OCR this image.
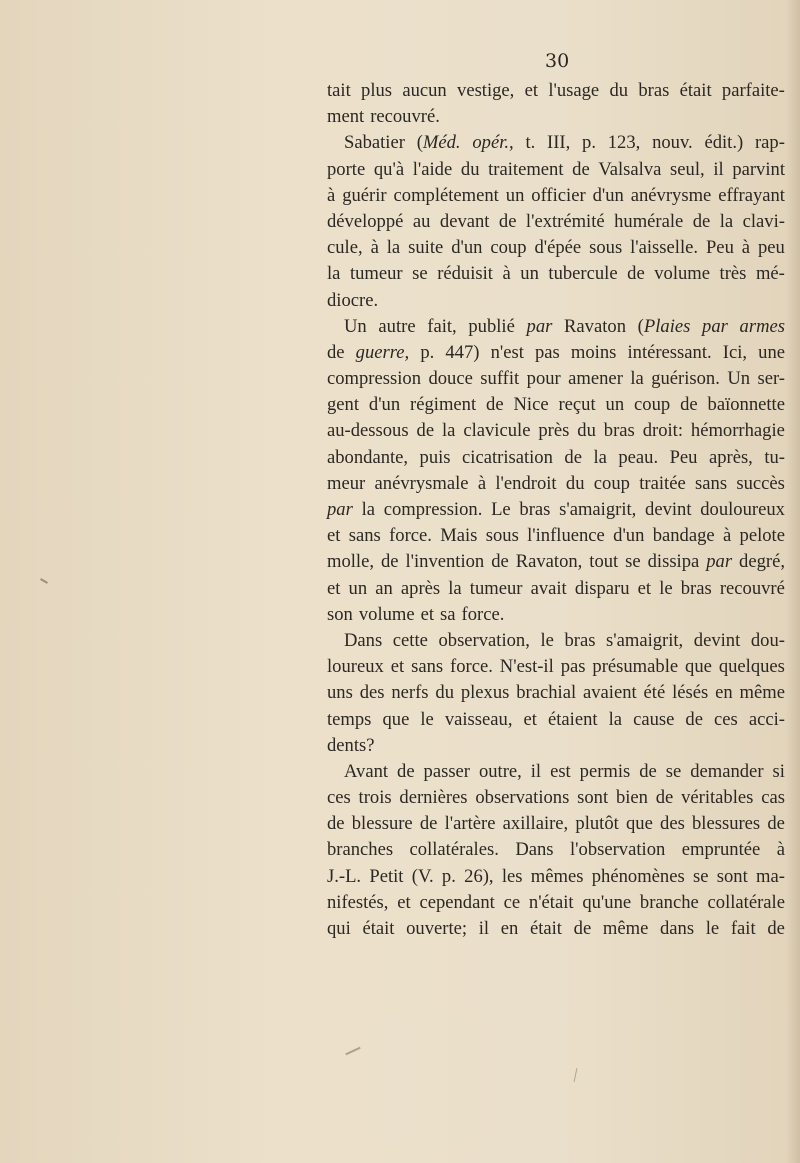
30
tait plus aucun vestige, et l'usage du bras était parfaite-
ment recouvré.
Sabatier (Méd. opér., t. III, p. 123, nouv. édit.) rap-
porte qu'à l'aide du traitement de Valsalva seul, il parvint
à guérir complétement un officier d'un anévrysme effrayant
développé au devant de l'extrémité humérale de la clavi-
cule, à la suite d'un coup d'épée sous l'aisselle. Peu à peu
la tumeur se réduisit à un tubercule de volume très mé-
diocre.
Un autre fait, publié par Ravaton (Plaies par armes
de guerre, p. 447) n'est pas moins intéressant. Ici, une
compression douce suffit pour amener la guérison. Un ser-
gent d'un régiment de Nice reçut un coup de baïonnette
au-dessous de la clavicule près du bras droit: hémorrhagie
abondante, puis cicatrisation de la peau. Peu après, tu-
meur anévrysmale à l'endroit du coup traitée sans succès
par la compression. Le bras s'amaigrit, devint douloureux
et sans force. Mais sous l'influence d'un bandage à pelote
molle, de l'invention de Ravaton, tout se dissipa par degré,
et un an après la tumeur avait disparu et le bras recouvré
son volume et sa force.
Dans cette observation, le bras s'amaigrit, devint dou-
loureux et sans force. N'est-il pas présumable que quelques
uns des nerfs du plexus brachial avaient été lésés en même
temps que le vaisseau, et étaient la cause de ces acci-
dents?
Avant de passer outre, il est permis de se demander si
ces trois dernières observations sont bien de véritables cas
de blessure de l'artère axillaire, plutôt que des blessures de
branches collatérales. Dans l'observation empruntée à
J.-L. Petit (V. p. 26), les mêmes phénomènes se sont ma-
nifestés, et cependant ce n'était qu'une branche collatérale
qui était ouverte; il en était de même dans le fait de
